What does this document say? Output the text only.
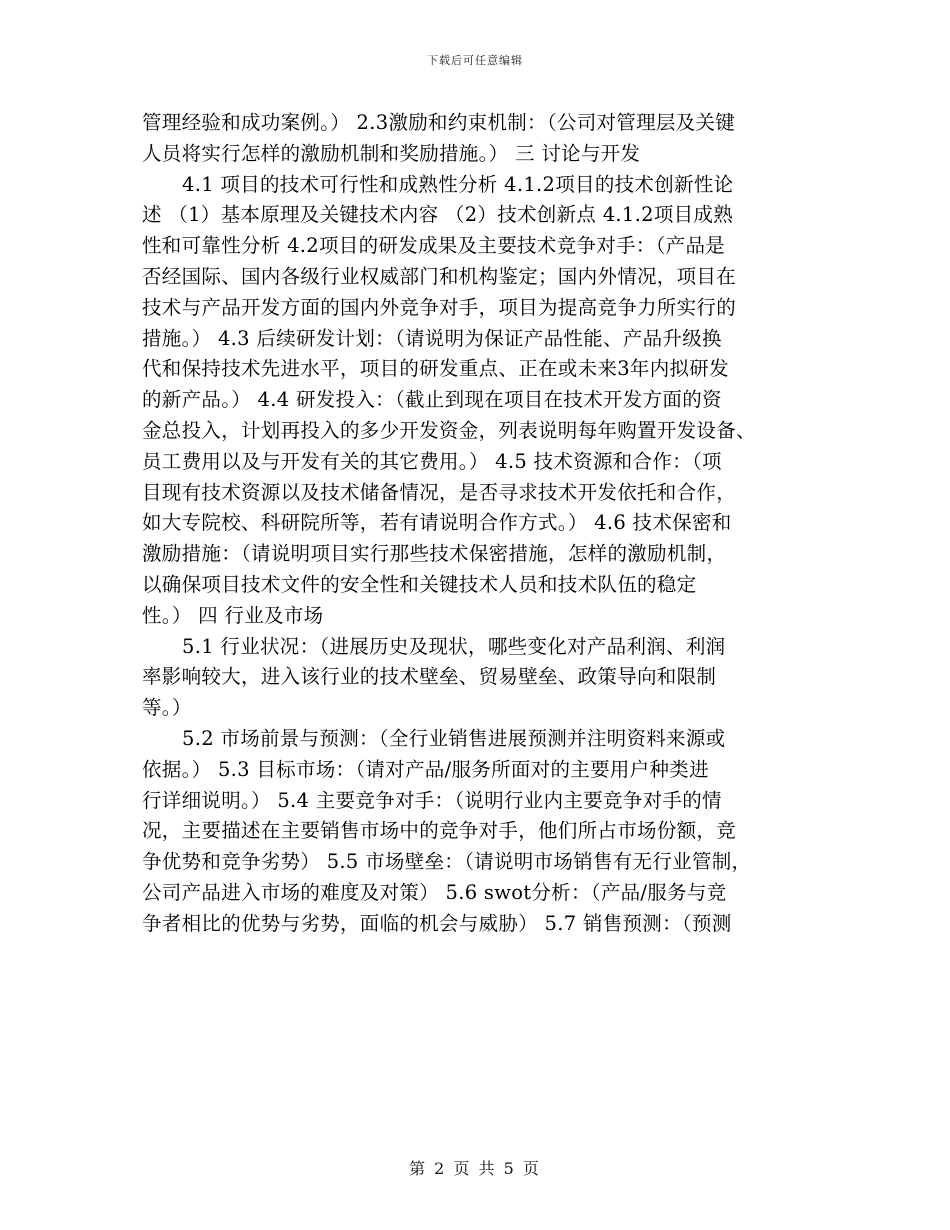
下载后可任意编辑
管理经验和成功案例。） 2.3激励和约束机制：（公司对管理层及关键
人员将实行怎样的激励机制和奖励措施。） 三 讨论与开发
4.1 项目的技术可行性和成熟性分析 4.1.2项目的技术创新性论
述 （1）基本原理及关键技术内容 （2）技术创新点 4.1.2项目成熟
性和可靠性分析 4.2项目的研发成果及主要技术竞争对手：（产品是
否经国际、国内各级行业权威部门和机构鉴定；国内外情况，项目在
技术与产品开发方面的国内外竞争对手，项目为提高竞争力所实行的
措施。） 4.3 后续研发计划：（请说明为保证产品性能、产品升级换
代和保持技术先进水平，项目的研发重点、正在或未来3年内拟研发
的新产品。） 4.4 研发投入：（截止到现在项目在技术开发方面的资
金总投入，计划再投入的多少开发资金，列表说明每年购置开发设备、
员工费用以及与开发有关的其它费用。） 4.5 技术资源和合作：（项
目现有技术资源以及技术储备情况，是否寻求技术开发依托和合作，
如大专院校、科研院所等，若有请说明合作方式。） 4.6 技术保密和
激励措施：（请说明项目实行那些技术保密措施，怎样的激励机制，
以确保项目技术文件的安全性和关键技术人员和技术队伍的稳定
性。） 四 行业及市场
5.1 行业状况：（进展历史及现状，哪些变化对产品利润、利润
率影响较大，进入该行业的技术壁垒、贸易壁垒、政策导向和限制
等。）
5.2 市场前景与预测：（全行业销售进展预测并注明资料来源或
依据。） 5.3 目标市场：（请对产品/服务所面对的主要用户种类进
行详细说明。） 5.4 主要竞争对手：（说明行业内主要竞争对手的情
况，主要描述在主要销售市场中的竞争对手，他们所占市场份额，竞
争优势和竞争劣势） 5.5 市场壁垒：（请说明市场销售有无行业管制，
公司产品进入市场的难度及对策） 5.6 swot分析：（产品/服务与竞
争者相比的优势与劣势，面临的机会与威胁） 5.7 销售预测：（预测
第 2 页 共 5 页
